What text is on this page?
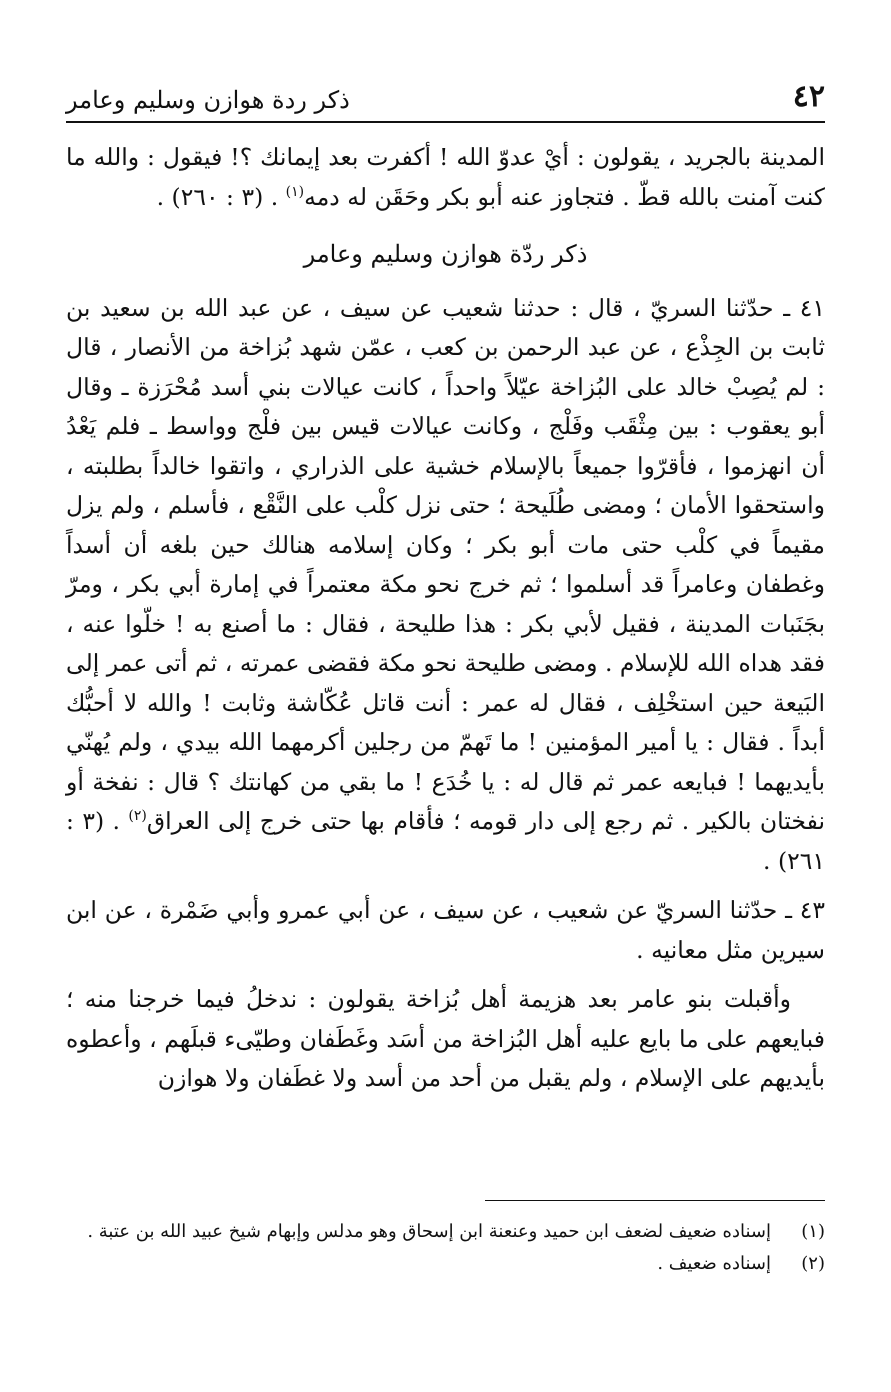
٤٢
ذكر ردة هوازن وسليم وعامر

المدينة بالجريد ، يقولون : أيْ عدوّ الله ! أكفرت بعد إيمانك ؟! فيقول : والله ما كنت آمنت بالله قطّ . فتجاوز عنه أبو بكر وحَقَن له دمه$^{(١)}$ . (٣ : ٢٦٠) .

ذكر ردّة هوازن وسليم وعامر

٤١ ـ حدّثنا السريّ ، قال : حدثنا شعيب عن سيف ، عن عبد الله بن سعيد بن ثابت بن الجِذْع ، عن عبد الرحمن بن كعب ، عمّن شهد بُزاخة من الأنصار ، قال : لم يُصِبْ خالد على البُزاخة عيّلاً واحداً ، كانت عيالات بني أسد مُحْرَزة ـ وقال أبو يعقوب : بين مِثْقَب وفَلْج ، وكانت عيالات قيس بين فلْج وواسط ـ فلم يَعْدُ أن انهزموا ، فأقرّوا جميعاً بالإسلام خشية على الذراري ، واتقوا خالداً بطلبته ، واستحقوا الأمان ؛ ومضى طُلَيحة ؛ حتى نزل كلْب على النَّقْع ، فأسلم ، ولم يزل مقيماً في كلْب حتى مات أبو بكر ؛ وكان إسلامه هنالك حين بلغه أن أسداً وغطفان وعامراً قد أسلموا ؛ ثم خرج نحو مكة معتمراً في إمارة أبي بكر ، ومرّ بجَنَبات المدينة ، فقيل لأبي بكر : هذا طليحة ، فقال : ما أصنع به ! خلّوا عنه ، فقد هداه الله للإسلام . ومضى طليحة نحو مكة فقضى عمرته ، ثم أتى عمر إلى البَيعة حين استخْلِف ، فقال له عمر : أنت قاتل عُكّاشة وثابت ! والله لا أحبُّك أبداً . فقال : يا أمير المؤمنين ! ما تَهمّ من رجلين أكرمهما الله بيدي ، ولم يُهنّي بأيديهما ! فبايعه عمر ثم قال له : يا خُدَع ! ما بقي من كهانتك ؟ قال : نفخة أو نفختان بالكير . ثم رجع إلى دار قومه ؛ فأقام بها حتى خرج إلى العراق$^{(٢)}$ . (٣ : ٢٦١) .

٤٣ ـ حدّثنا السريّ عن شعيب ، عن سيف ، عن أبي عمرو وأبي ضَمْرة ، عن ابن سيرين مثل معانيه .

وأقبلت بنو عامر بعد هزيمة أهل بُزاخة يقولون : ندخلُ فيما خرجنا منه ؛ فبايعهم على ما بايع عليه أهل البُزاخة من أسَد وغَطَفان وطيّىء قبلَهم ، وأعطوه بأيديهم على الإسلام ، ولم يقبل من أحد من أسد ولا غطَفان ولا هوازن

(١)
إسناده ضعيف لضعف ابن حميد وعنعنة ابن إسحاق وهو مدلس وإبهام شيخ عبيد الله بن عتبة .
(٢)
إسناده ضعيف .
